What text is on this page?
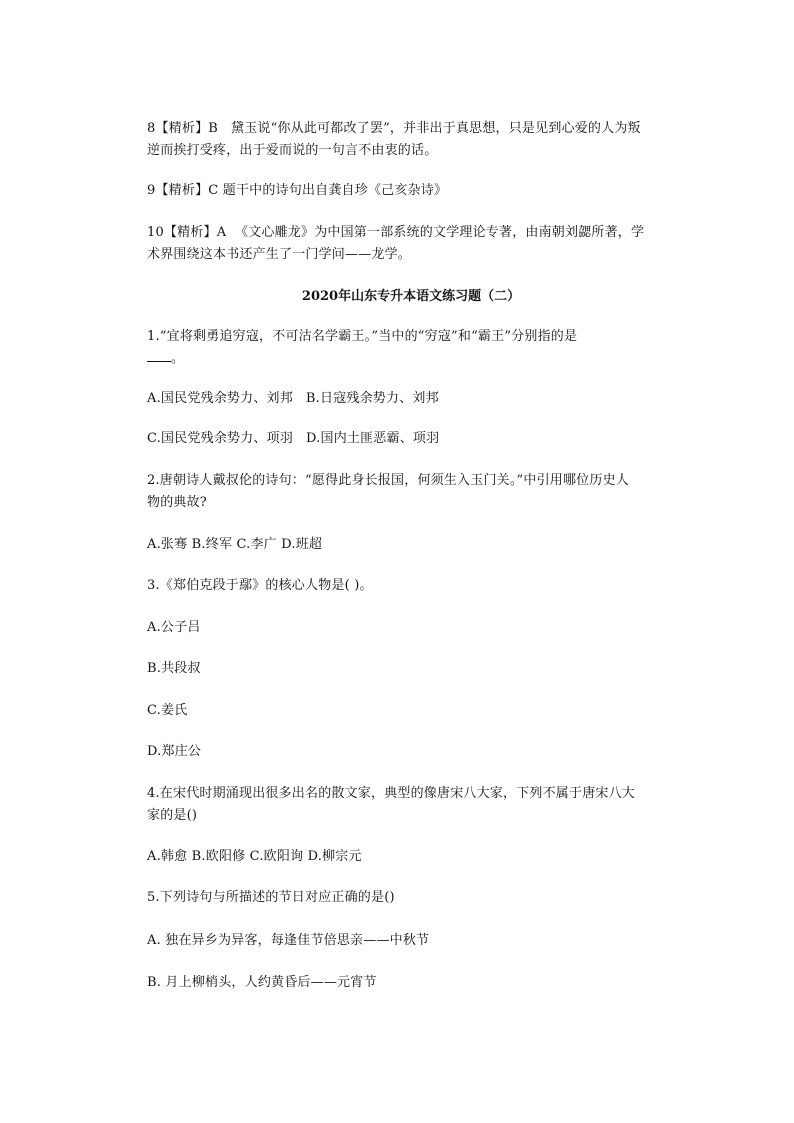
8【精析】B   黛玉说“你从此可都改了罢”，并非出于真思想，只是见到心爱的人为叛

逆而挨打受疼，出于爱而说的一句言不由衷的话。

9【精析】C 题干中的诗句出自龚自珍《己亥杂诗》

10【精析】A  《文心雕龙》为中国第一部系统的文学理论专著，由南朝刘勰所著，学

术界围绕这本书还产生了一门学问——龙学。

2020年山东专升本语文练习题（二）

1.“宜将剩勇追穷寇，不可沽名学霸王。”当中的“穷寇”和“霸王”分别指的是

。

A.国民党残余势力、刘邦   B.日寇残余势力、刘邦

C.国民党残余势力、项羽   D.国内土匪恶霸、项羽

2.唐朝诗人戴叔伦的诗句：“愿得此身长报国，何须生入玉门关。”中引用哪位历史人

物的典故?

A.张骞 B.终军 C.李广 D.班超

3.《郑伯克段于鄢》的核心人物是( )。

A.公子吕

B.共段叔

C.姜氏

D.郑庄公

4.在宋代时期涌现出很多出名的散文家，典型的像唐宋八大家，下列不属于唐宋八大

家的是()

A.韩愈 B.欧阳修 C.欧阳询 D.柳宗元

5.下列诗句与所描述的节日对应正确的是()

A. 独在异乡为异客，每逢佳节倍思亲——中秋节

B. 月上柳梢头，人约黄昏后——元宵节
